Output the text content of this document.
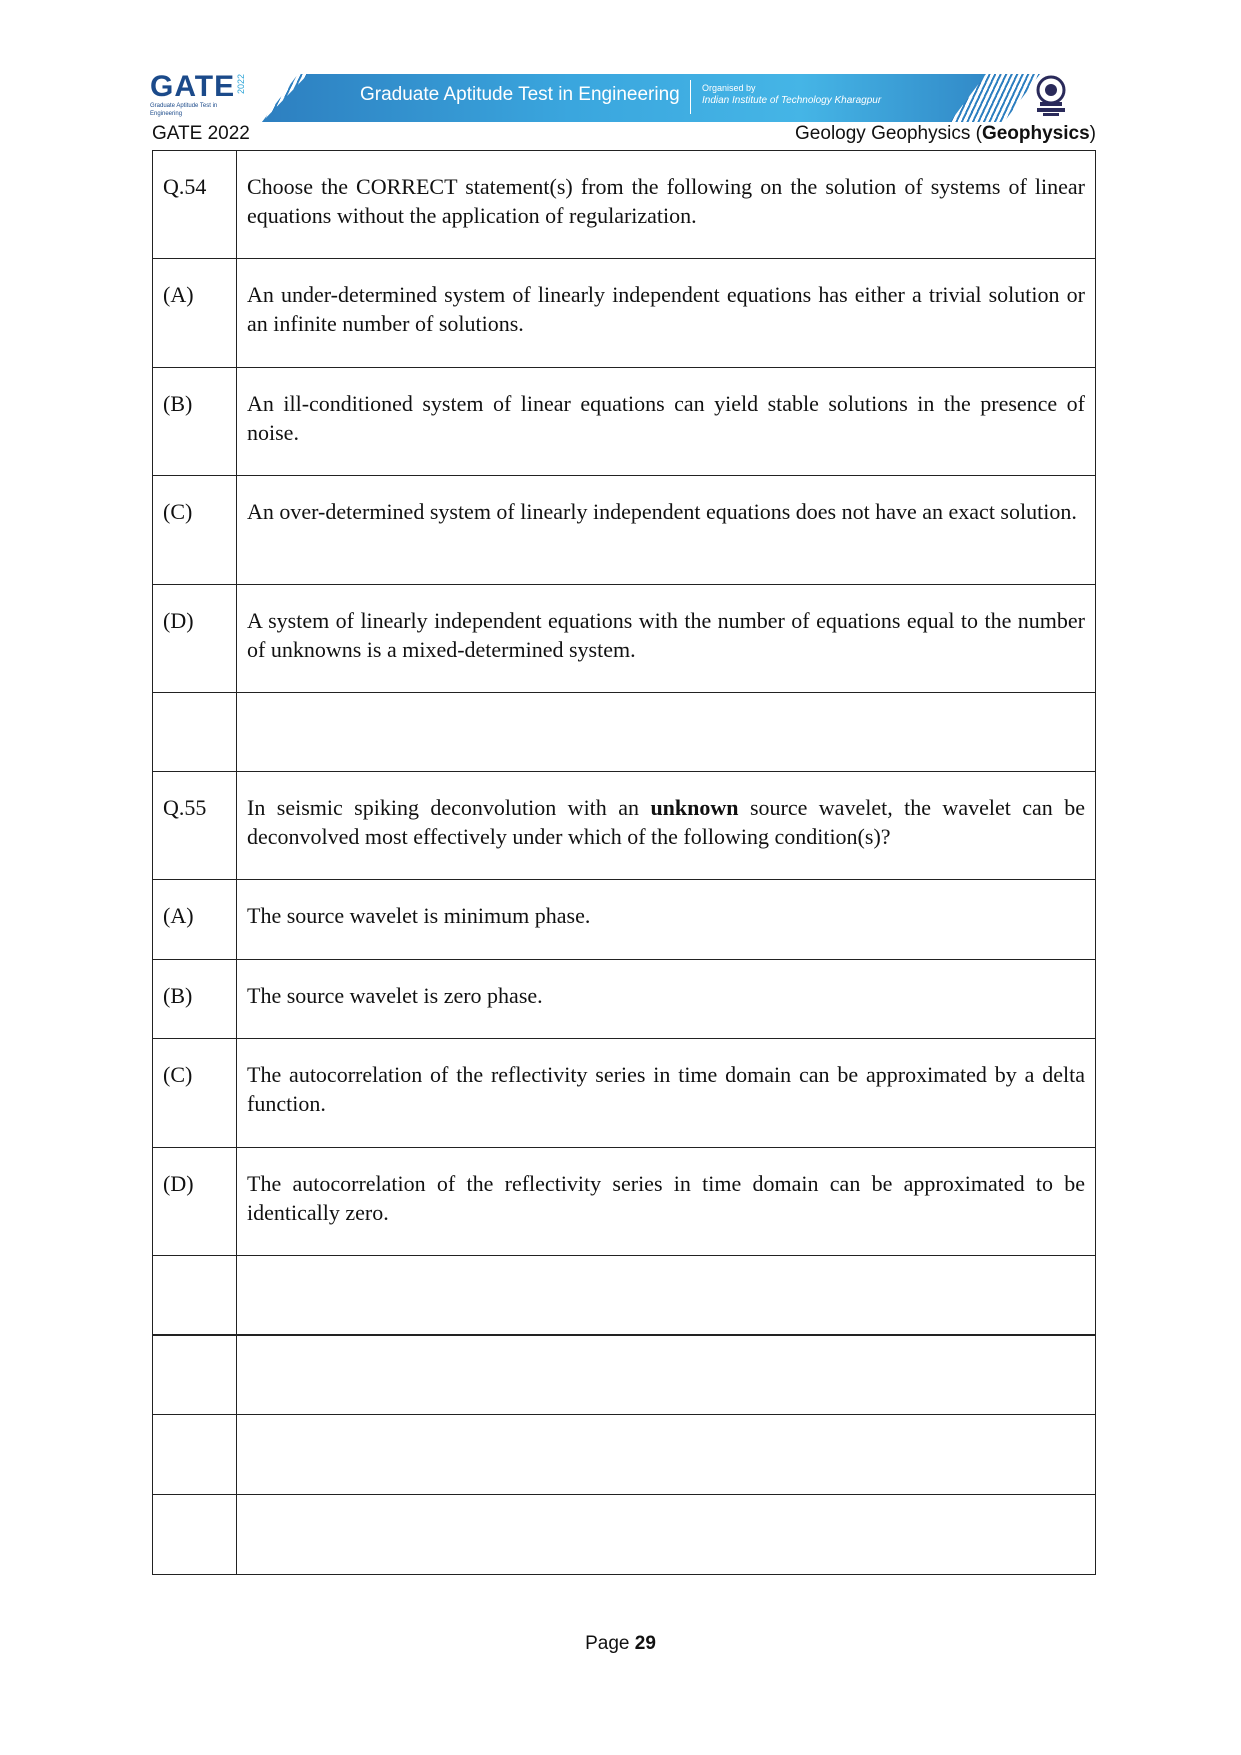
GATE
Graduate Aptitude Test in Engineering
2022	Graduate Aptitude Test in Engineering Organised by
Indian Institute of Technology Kharagpur
GATE 2022	Geology Geophysics (Geophysics)
Q.54	Choose the CORRECT statement(s) from the following on the solution of systems of linear equations without the application of regularization.
(A)	An under-determined system of linearly independent equations has either a trivial solution or an infinite number of solutions.
(B)	An ill-conditioned system of linear equations can yield stable solutions in the presence of noise.
(C)	An over-determined system of linearly independent equations does not have an exact solution.
(D)	A system of linearly independent equations with the number of equations equal to the number of unknowns is a mixed-determined system.

Q.55	In seismic spiking deconvolution with an unknown source wavelet, the wavelet can be deconvolved most effectively under which of the following condition(s)?
(A)	The source wavelet is minimum phase.
(B)	The source wavelet is zero phase.
(C)	The autocorrelation of the reflectivity series in time domain can be approximated by a delta function.
(D)	The autocorrelation of the reflectivity series in time domain can be approximated to be identically zero.

Page 29
